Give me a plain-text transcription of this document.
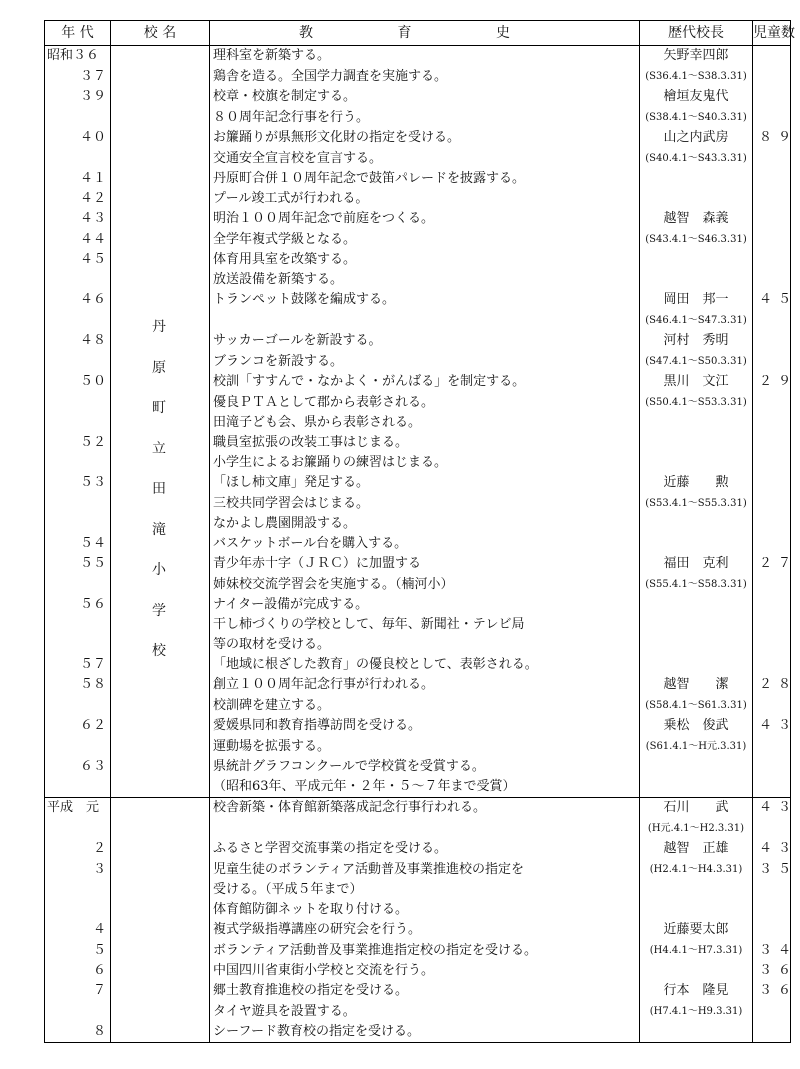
年 代	校 名	教 育 史	歴代校長	児童数
昭和３６		理科室を新築する。	矢野幸四郎	
３７		鶏舎を造る。全国学力調査を実施する。	(S36.4.1～S38.3.31)	
３９		校章・校旗を制定する。	檜垣友鬼代	
		８０周年記念行事を行う。	(S38.4.1～S40.3.31)	
４０		お簾踊りが県無形文化財の指定を受ける。	山之内武房	８９
		交通安全宣言校を宣言する。	(S40.4.1～S43.3.31)	
４１		丹原町合併１０周年記念で鼓笛パレードを披露する。		
４２		プール竣工式が行われる。		
４３		明治１００周年記念で前庭をつくる。	越智　森義	
４４		全学年複式学級となる。	(S43.4.1～S46.3.31)	
４５		体育用具室を改築する。		
		放送設備を新築する。		
４６		トランペット鼓隊を編成する。	岡田　邦一	４５
			(S46.4.1～S47.3.31)	
４８		サッカーゴールを新設する。	河村　秀明	
		ブランコを新設する。	(S47.4.1～S50.3.31)	
５０		校訓「すすんで・なかよく・がんばる」を制定する。	黒川　文江	２９
		優良ＰＴＡとして郡から表彰される。	(S50.4.1～S53.3.31)	
		田滝子ども会、県から表彰される。		
５２		職員室拡張の改装工事はじまる。		
		小学生によるお簾踊りの練習はじまる。		
５３		「ほし柿文庫」発足する。	近藤　　勲	
		三校共同学習会はじまる。	(S53.4.1～S55.3.31)	
		なかよし農園開設する。		
５４		バスケットボール台を購入する。		
５５		青少年赤十字（ＪＲＣ）に加盟する	福田　克利	２７
		姉妹校交流学習会を実施する。（楠河小）	(S55.4.1～S58.3.31)	
５６		ナイター設備が完成する。		
		干し柿づくりの学校として、毎年、新聞社・テレビ局		
		等の取材を受ける。		
５７		「地域に根ざした教育」の優良校として、表彰される。		
５８		創立１００周年記念行事が行われる。	越智　　潔	２８
		校訓碑を建立する。	(S58.4.1～S61.3.31)	
６２		愛媛県同和教育指導訪問を受ける。	乗松　俊武	４３
		運動場を拡張する。	(S61.4.1～H元.3.31)	
６３		県統計グラフコンクールで学校賞を受賞する。		
		（昭和63年、平成元年・２年・５～７年まで受賞）		
平成　元		校舎新築・体育館新築落成記念行事行われる。	石川　　武	４３
			(H元.4.1～H2.3.31)	
２		ふるさと学習交流事業の指定を受ける。	越智　正雄	４３
３		児童生徒のボランティア活動普及事業推進校の指定を	(H2.4.1～H4.3.31)	３５
		受ける。（平成５年まで）		
		体育館防御ネットを取り付ける。		
４		複式学級指導講座の研究会を行う。	近藤要太郎	
５		ボランティア活動普及事業推進指定校の指定を受ける。	(H4.4.1～H7.3.31)	３４
６		中国四川省東街小学校と交流を行う。		３６
７		郷土教育推進校の指定を受ける。	行本　隆見	３６
		タイヤ遊具を設置する。	(H7.4.1～H9.3.31)	
８		シーフード教育校の指定を受ける。		
丹
原
町
立
田
滝
小
学
校
